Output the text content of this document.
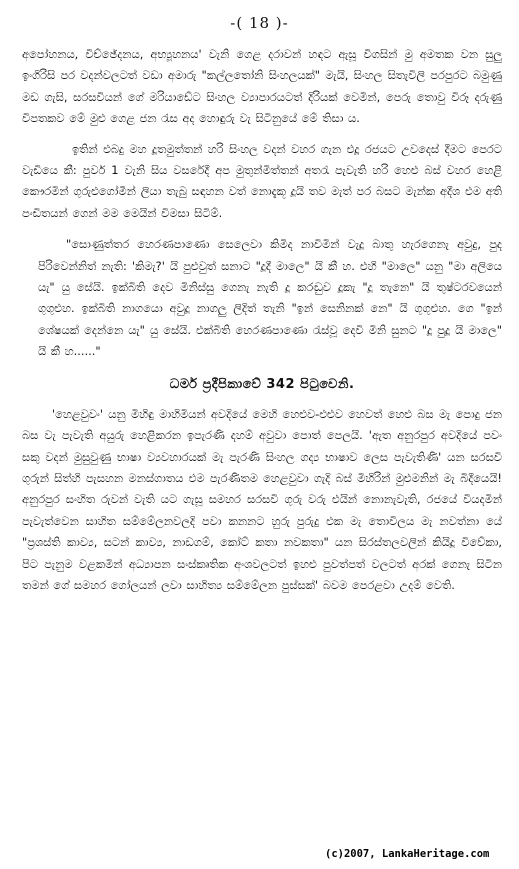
-( 18 )-

අපෝහනය, විච්ඡේදනය, අභ්‍යූහනය' වැනි ගෙළ දරාවන් හඳට ඇසූ විගසින් මු අමතක වන සුලු ඉංගිරිසි පර වදන්වලටත් වඩා අමාරු "කල්ලතෝනි සිංහලයක්" මැයි, සිංහල සිතැවිලි පරපුරට බමුණු මඩ ගැසි, සරසවියන් ගේ මරියාඩේට සිංහල ව්‍යාපාරයටත් දිරියක් වෙමින්, පෙරු තොවු විරූ දරුණු විපතකව මේ මුළු ගෙළ ජන රැස අද හොඳුරු වැ සිටිනුයේ මේ තිසා ය.

ඉතින් එබදු මහ දූතමුත්තන් හරි සිංහල වදන් වහර ගැන එදූ රජයට උවදෙස් දීමට පෙරට වැඩියෙ කී: පුර්ව 1 වැනි සිය වසරේදී අප මුතුන්මිත්තන් අතරැ පැවැති හරි හෙළු බස් වහර හෙළි කෞරමින් ගුරුළුගෝමීන් ලියා තැබු සඳහන වත් නොදැකූ දූයි තව මැත් පර බසට මැන්ක අදීශ එම අති පංඩිතයන් ගෙන් මම මෙයින් විමසා සිටිම්.

"සොණුත්තර හෙරණපාණො සෙලෙවා කිමිද නාවිමින් වැදූ බාතු හැරගෙනැ අවුදු, පුද පිරිවෙන්නිත් නැති: 'කිමැ?' යි පුළුවුත් සනාට "දූදී මාලෙ" යි කී හ. එහි "මාලෙ" යනු "මා අලියෙ යැ" යු සේයි. ඉක්බිති දෙව මිනිස්සු ගෙනැ නැති දූ කරඬුව දූකැ "දූ තැනෙ" යි තුෂ්ටරවයෙන් ගුගුළුහ. ඉක්බිති නාගයො අවුදූ නාගලු ලිදිත් තැනි "ඉන් සෙනිනක් නෙ" යි ගුගුළුහ. ගෙ "ඉන් ශේෂයක් දෙන්නෙ යැ" යු සේයි. එක්බිති හෙරණපාණො රැස්වූ දෙවි මිනි සුනට "දූ පුදූ යි මාලෙ" යි කී හ......"

ධර්ම ප්‍රදීපිකාවේ 342 පිටුවෙනි.

'හෙළවුවං' යනු මිහිඳු මාහිමියන් අවදියේ මෙහි හෙළුව-එළුව හෙවත් හෙළු බස මැ පොදු ජන බස වැ පැවැති අයුරු හෙළිකරන ඉපැරණි දහම් අවුවා පොත් පෙලයි. 'ඇත අනුරපුර අවදියේ පවං සකු වදන් මුසුවුණු භාෂා ව්‍යවහාරයක් මැ පැරණි සිංහල ගද්‍ය භාෂාව ලෙස පැවැතිණි' යන සරසවි ගුරුන් සිත්හි පැසහන මනස්ගාතය එම පැරණිතම හෙළවුවා ගැදි බස් මිහිරින් මුළුමනින් මැ බිදීයෙයි! අනුරපුර සංහිත රුවන් වැති යට ගැසූ සමහර සරසවි ගුරු වරු එයින් නොනැවැති, රජයේ වියදමින් පැවැත්වෙන සාහිත සම්මේලනවලදි පවා කනනට හුරු පුරුදු එක මැ තොවිලය මැ නවත්නා යේ "ප්‍රශස්ති කාව්‍ය, සටන් කාව්‍ය, නාඩගම්, කෝට් කතා නවකතා" යන සිරස්තලවලින් කියිදූ විවේකා, පිට පැනුම වළකමින් අධ්‍යාපන සංස්කෘතික අංශවලටත් ඉහළු පුවත්පත් වලටත් අරක් ගෙනැ සිටින තමන් ගේ සමහර ගෝලයන් ලවා සාහිත්‍ය සම්මේලන පුස්සක්' බවම පෙරළවා උදම් වෙති.

(c)2007, LankaHeritage.com
